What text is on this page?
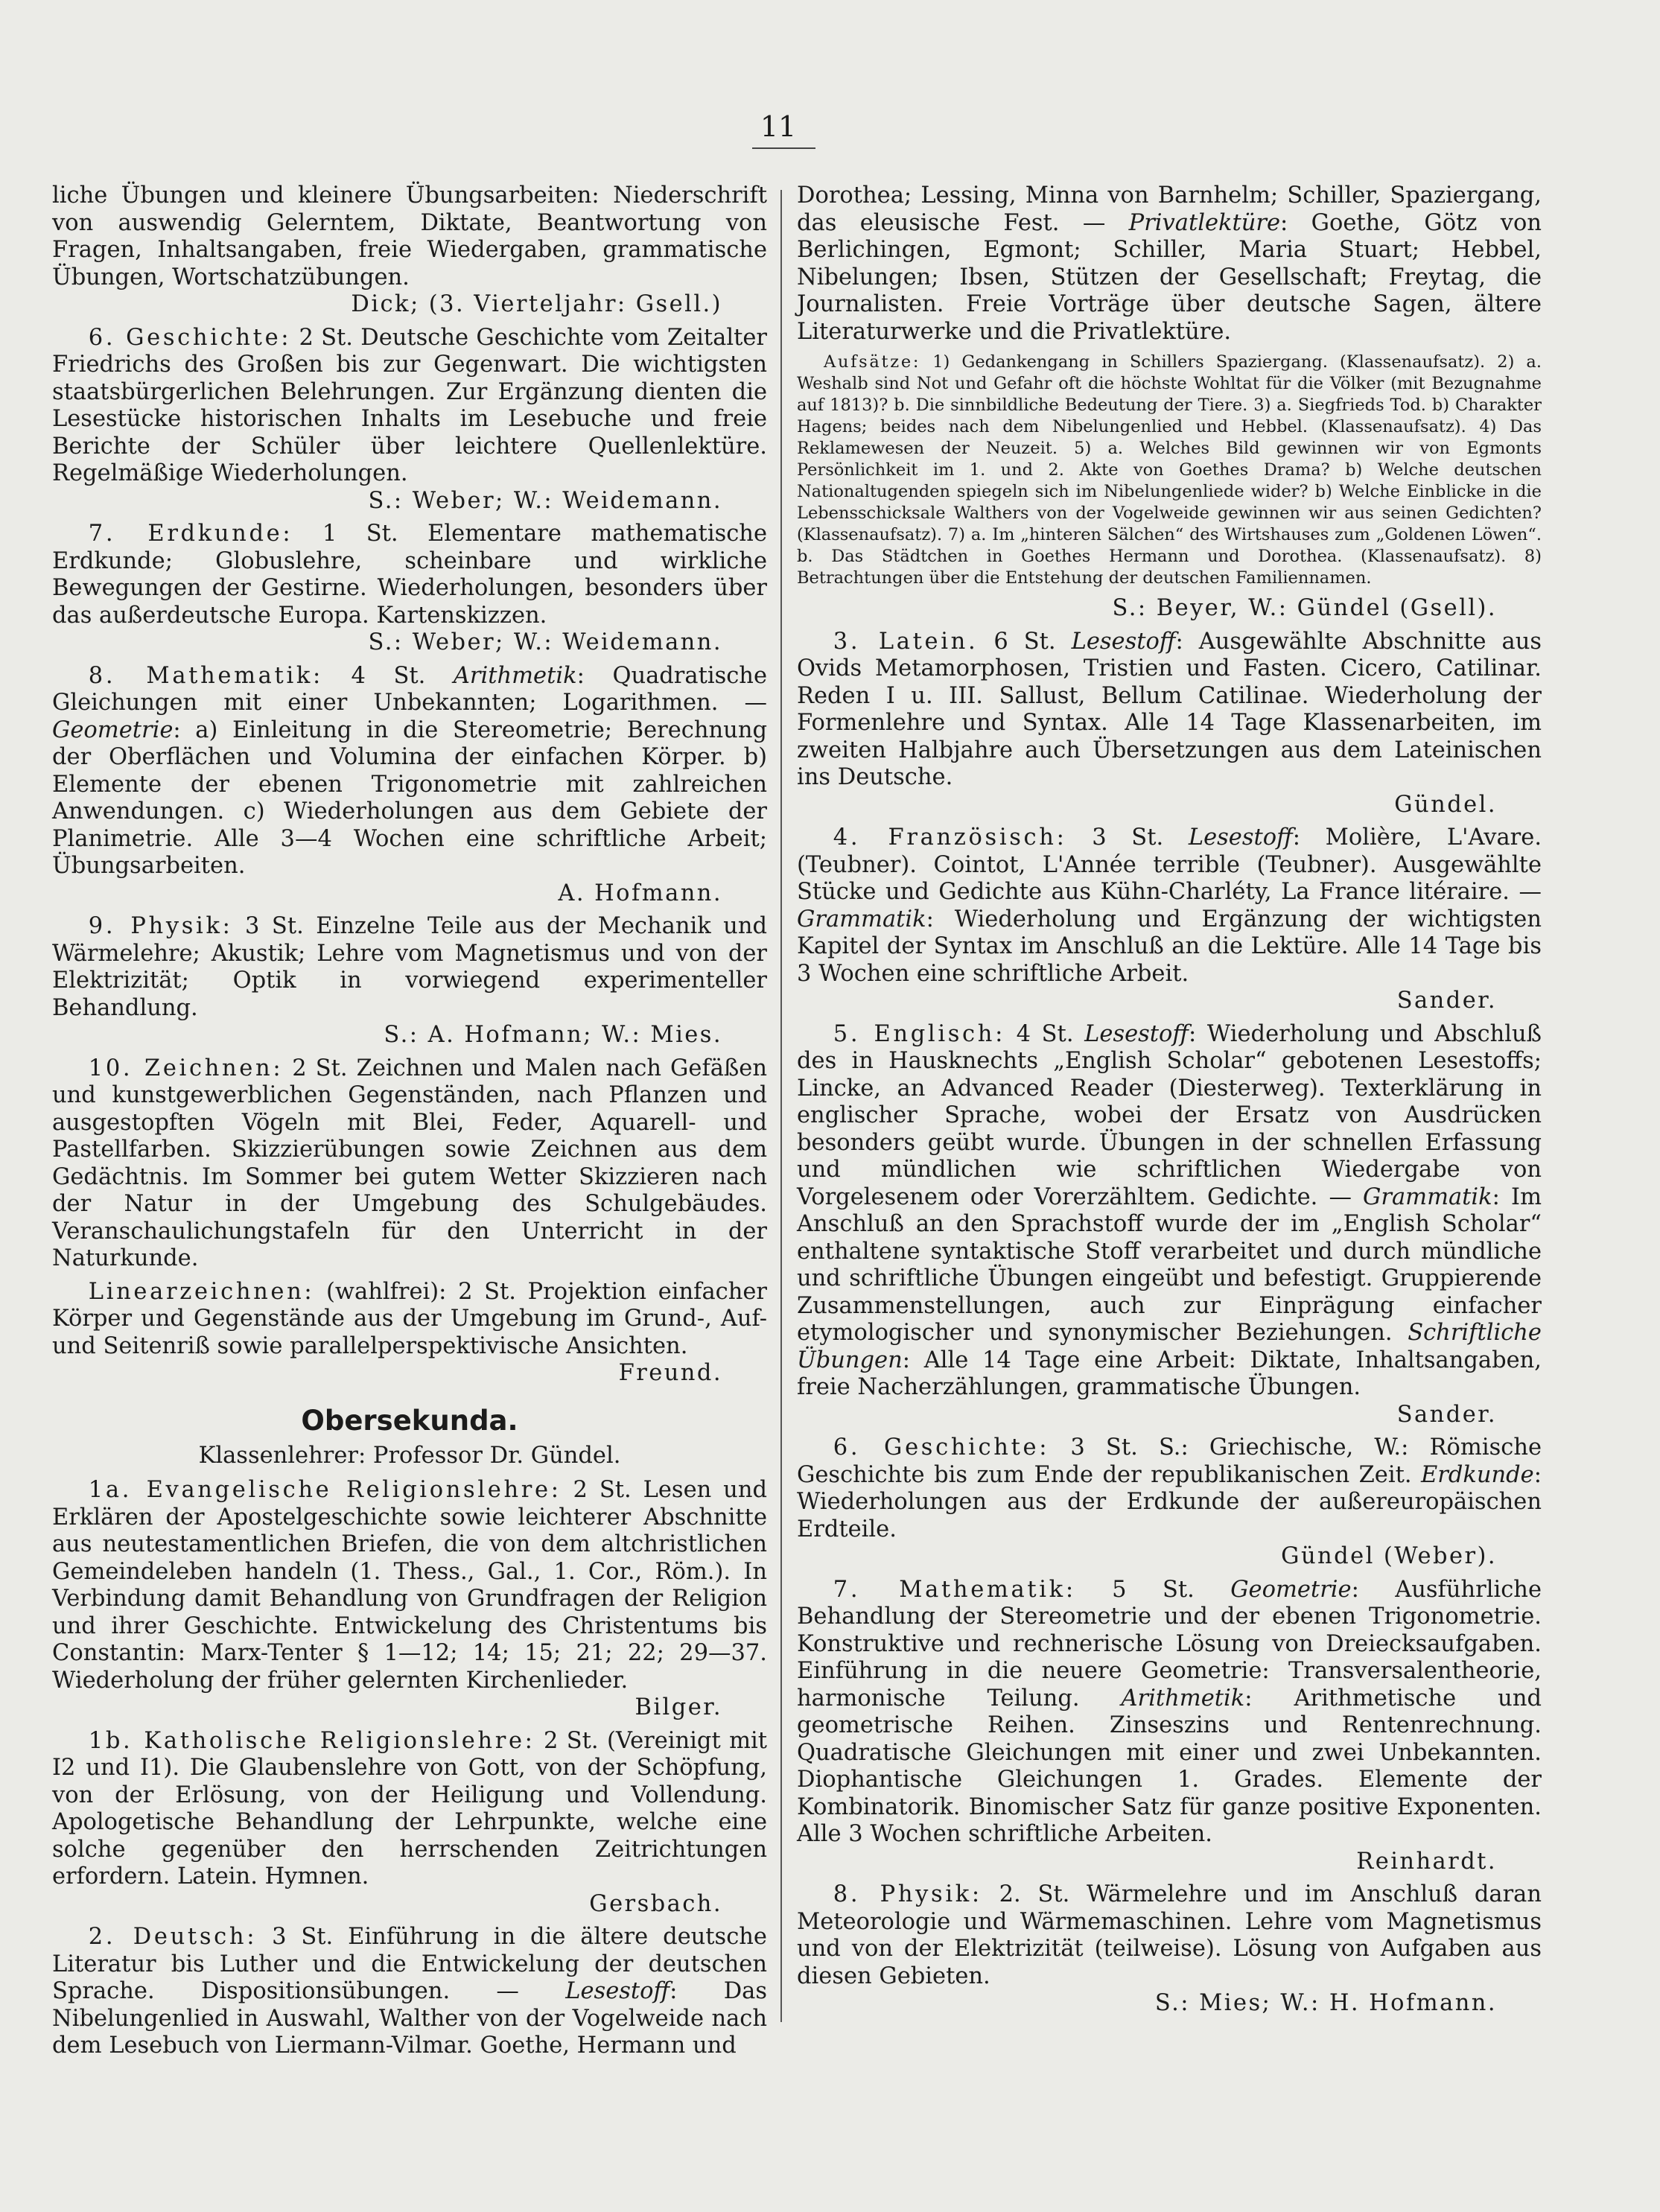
11

liche Übungen und kleinere Übungsarbeiten: Niederschrift von auswendig Gelerntem, Diktate, Beantwortung von Fragen, Inhaltsangaben, freie Wiedergaben, grammatische Übungen, Wortschatzübungen.
Dick; (3. Vierteljahr: Gsell.)

6. Geschichte: 2 St. Deutsche Geschichte vom Zeitalter Friedrichs des Großen bis zur Gegenwart. Die wichtigsten staatsbürgerlichen Belehrungen. Zur Ergänzung dienten die Lesestücke historischen Inhalts im Lesebuche und freie Berichte der Schüler über leichtere Quellenlektüre. Regelmäßige Wiederholungen.
S.: Weber; W.: Weidemann.

7. Erdkunde: 1 St. Elementare mathematische Erdkunde; Globuslehre, scheinbare und wirkliche Bewegungen der Gestirne. Wiederholungen, besonders über das außerdeutsche Europa. Kartenskizzen.
S.: Weber; W.: Weidemann.

8. Mathematik: 4 St. Arithmetik: Quadratische Gleichungen mit einer Unbekannten; Logarithmen. — Geometrie: a) Einleitung in die Stereometrie; Berechnung der Oberflächen und Volumina der einfachen Körper. b) Elemente der ebenen Trigonometrie mit zahlreichen Anwendungen. c) Wiederholungen aus dem Gebiete der Planimetrie. Alle 3—4 Wochen eine schriftliche Arbeit; Übungsarbeiten.
A. Hofmann.

9. Physik: 3 St. Einzelne Teile aus der Mechanik und Wärmelehre; Akustik; Lehre vom Magnetismus und von der Elektrizität; Optik in vorwiegend experimenteller Behandlung.
S.: A. Hofmann; W.: Mies.

10. Zeichnen: 2 St. Zeichnen und Malen nach Gefäßen und kunstgewerblichen Gegenständen, nach Pflanzen und ausgestopften Vögeln mit Blei, Feder, Aquarell- und Pastellfarben. Skizzierübungen sowie Zeichnen aus dem Gedächtnis. Im Sommer bei gutem Wetter Skizzieren nach der Natur in der Umgebung des Schulgebäudes. Veranschaulichungstafeln für den Unterricht in der Naturkunde.

Linearzeichnen: (wahlfrei): 2 St. Projektion einfacher Körper und Gegenstände aus der Umgebung im Grund-, Auf- und Seitenriß sowie parallelperspektivische Ansichten.
Freund.

Obersekunda.

Klassenlehrer: Professor Dr. Gündel.

1a. Evangelische Religionslehre: 2 St. Lesen und Erklären der Apostelgeschichte sowie leichterer Abschnitte aus neutestamentlichen Briefen, die von dem altchristlichen Gemeindeleben handeln (1. Thess., Gal., 1. Cor., Röm.). In Verbindung damit Behandlung von Grundfragen der Religion und ihrer Geschichte. Entwickelung des Christentums bis Constantin: Marx-Tenter § 1—12; 14; 15; 21; 22; 29—37. Wiederholung der früher gelernten Kirchenlieder.
Bilger.

1b. Katholische Religionslehre: 2 St. (Vereinigt mit I2 und I1). Die Glaubenslehre von Gott, von der Schöpfung, von der Erlösung, von der Heiligung und Vollendung. Apologetische Behandlung der Lehrpunkte, welche eine solche gegenüber den herrschenden Zeitrichtungen erfordern. Latein. Hymnen.
Gersbach.

2. Deutsch: 3 St. Einführung in die ältere deutsche Literatur bis Luther und die Entwickelung der deutschen Sprache. Dispositionsübungen. — Lesestoff: Das Nibelungenlied in Auswahl, Walther von der Vogelweide nach dem Lesebuch von Liermann-Vilmar. Goethe, Hermann und

Dorothea; Lessing, Minna von Barnhelm; Schiller, Spaziergang, das eleusische Fest. — Privatlektüre: Goethe, Götz von Berlichingen, Egmont; Schiller, Maria Stuart; Hebbel, Nibelungen; Ibsen, Stützen der Gesellschaft; Freytag, die Journalisten. Freie Vorträge über deutsche Sagen, ältere Literaturwerke und die Privatlektüre.

Aufsätze: 1) Gedankengang in Schillers Spaziergang. (Klassenaufsatz). 2) a. Weshalb sind Not und Gefahr oft die höchste Wohltat für die Völker (mit Bezugnahme auf 1813)? b. Die sinnbildliche Bedeutung der Tiere. 3) a. Siegfrieds Tod. b) Charakter Hagens; beides nach dem Nibelungenlied und Hebbel. (Klassenaufsatz). 4) Das Reklamewesen der Neuzeit. 5) a. Welches Bild gewinnen wir von Egmonts Persönlichkeit im 1. und 2. Akte von Goethes Drama? b) Welche deutschen Nationaltugenden spiegeln sich im Nibelungenliede wider? b) Welche Einblicke in die Lebensschicksale Walthers von der Vogelweide gewinnen wir aus seinen Gedichten? (Klassenaufsatz). 7) a. Im „hinteren Sälchen“ des Wirtshauses zum „Goldenen Löwen“. b. Das Städtchen in Goethes Hermann und Dorothea. (Klassenaufsatz). 8) Betrachtungen über die Entstehung der deutschen Familiennamen.

S.: Beyer, W.: Gündel (Gsell).

3. Latein. 6 St. Lesestoff: Ausgewählte Abschnitte aus Ovids Metamorphosen, Tristien und Fasten. Cicero, Catilinar. Reden I u. III. Sallust, Bellum Catilinae. Wiederholung der Formenlehre und Syntax. Alle 14 Tage Klassenarbeiten, im zweiten Halbjahre auch Übersetzungen aus dem Lateinischen ins Deutsche.
Gündel.

4. Französisch: 3 St. Lesestoff: Molière, L'Avare. (Teubner). Cointot, L'Année terrible (Teubner). Ausgewählte Stücke und Gedichte aus Kühn-Charléty, La France litéraire. — Grammatik: Wiederholung und Ergänzung der wichtigsten Kapitel der Syntax im Anschluß an die Lektüre. Alle 14 Tage bis 3 Wochen eine schriftliche Arbeit.
Sander.

5. Englisch: 4 St. Lesestoff: Wiederholung und Abschluß des in Hausknechts „English Scholar“ gebotenen Lesestoffs; Lincke, an Advanced Reader (Diesterweg). Texterklärung in englischer Sprache, wobei der Ersatz von Ausdrücken besonders geübt wurde. Übungen in der schnellen Erfassung und mündlichen wie schriftlichen Wiedergabe von Vorgelesenem oder Vorerzähltem. Gedichte. — Grammatik: Im Anschluß an den Sprachstoff wurde der im „English Scholar“ enthaltene syntaktische Stoff verarbeitet und durch mündliche und schriftliche Übungen eingeübt und befestigt. Gruppierende Zusammenstellungen, auch zur Einprägung einfacher etymologischer und synonymischer Beziehungen. Schriftliche Übungen: Alle 14 Tage eine Arbeit: Diktate, Inhaltsangaben, freie Nacherzählungen, grammatische Übungen.
Sander.

6. Geschichte: 3 St. S.: Griechische, W.: Römische Geschichte bis zum Ende der republikanischen Zeit. Erdkunde: Wiederholungen aus der Erdkunde der außereuropäischen Erdteile.
Gündel (Weber).

7. Mathematik: 5 St. Geometrie: Ausführliche Behandlung der Stereometrie und der ebenen Trigonometrie. Konstruktive und rechnerische Lösung von Dreiecksaufgaben. Einführung in die neuere Geometrie: Transversalentheorie, harmonische Teilung. Arithmetik: Arithmetische und geometrische Reihen. Zinseszins und Rentenrechnung. Quadratische Gleichungen mit einer und zwei Unbekannten. Diophantische Gleichungen 1. Grades. Elemente der Kombinatorik. Binomischer Satz für ganze positive Exponenten. Alle 3 Wochen schriftliche Arbeiten.
Reinhardt.

8. Physik: 2. St. Wärmelehre und im Anschluß daran Meteorologie und Wärmemaschinen. Lehre vom Magnetismus und von der Elektrizität (teilweise). Lösung von Aufgaben aus diesen Gebieten.
S.: Mies; W.: H. Hofmann.
